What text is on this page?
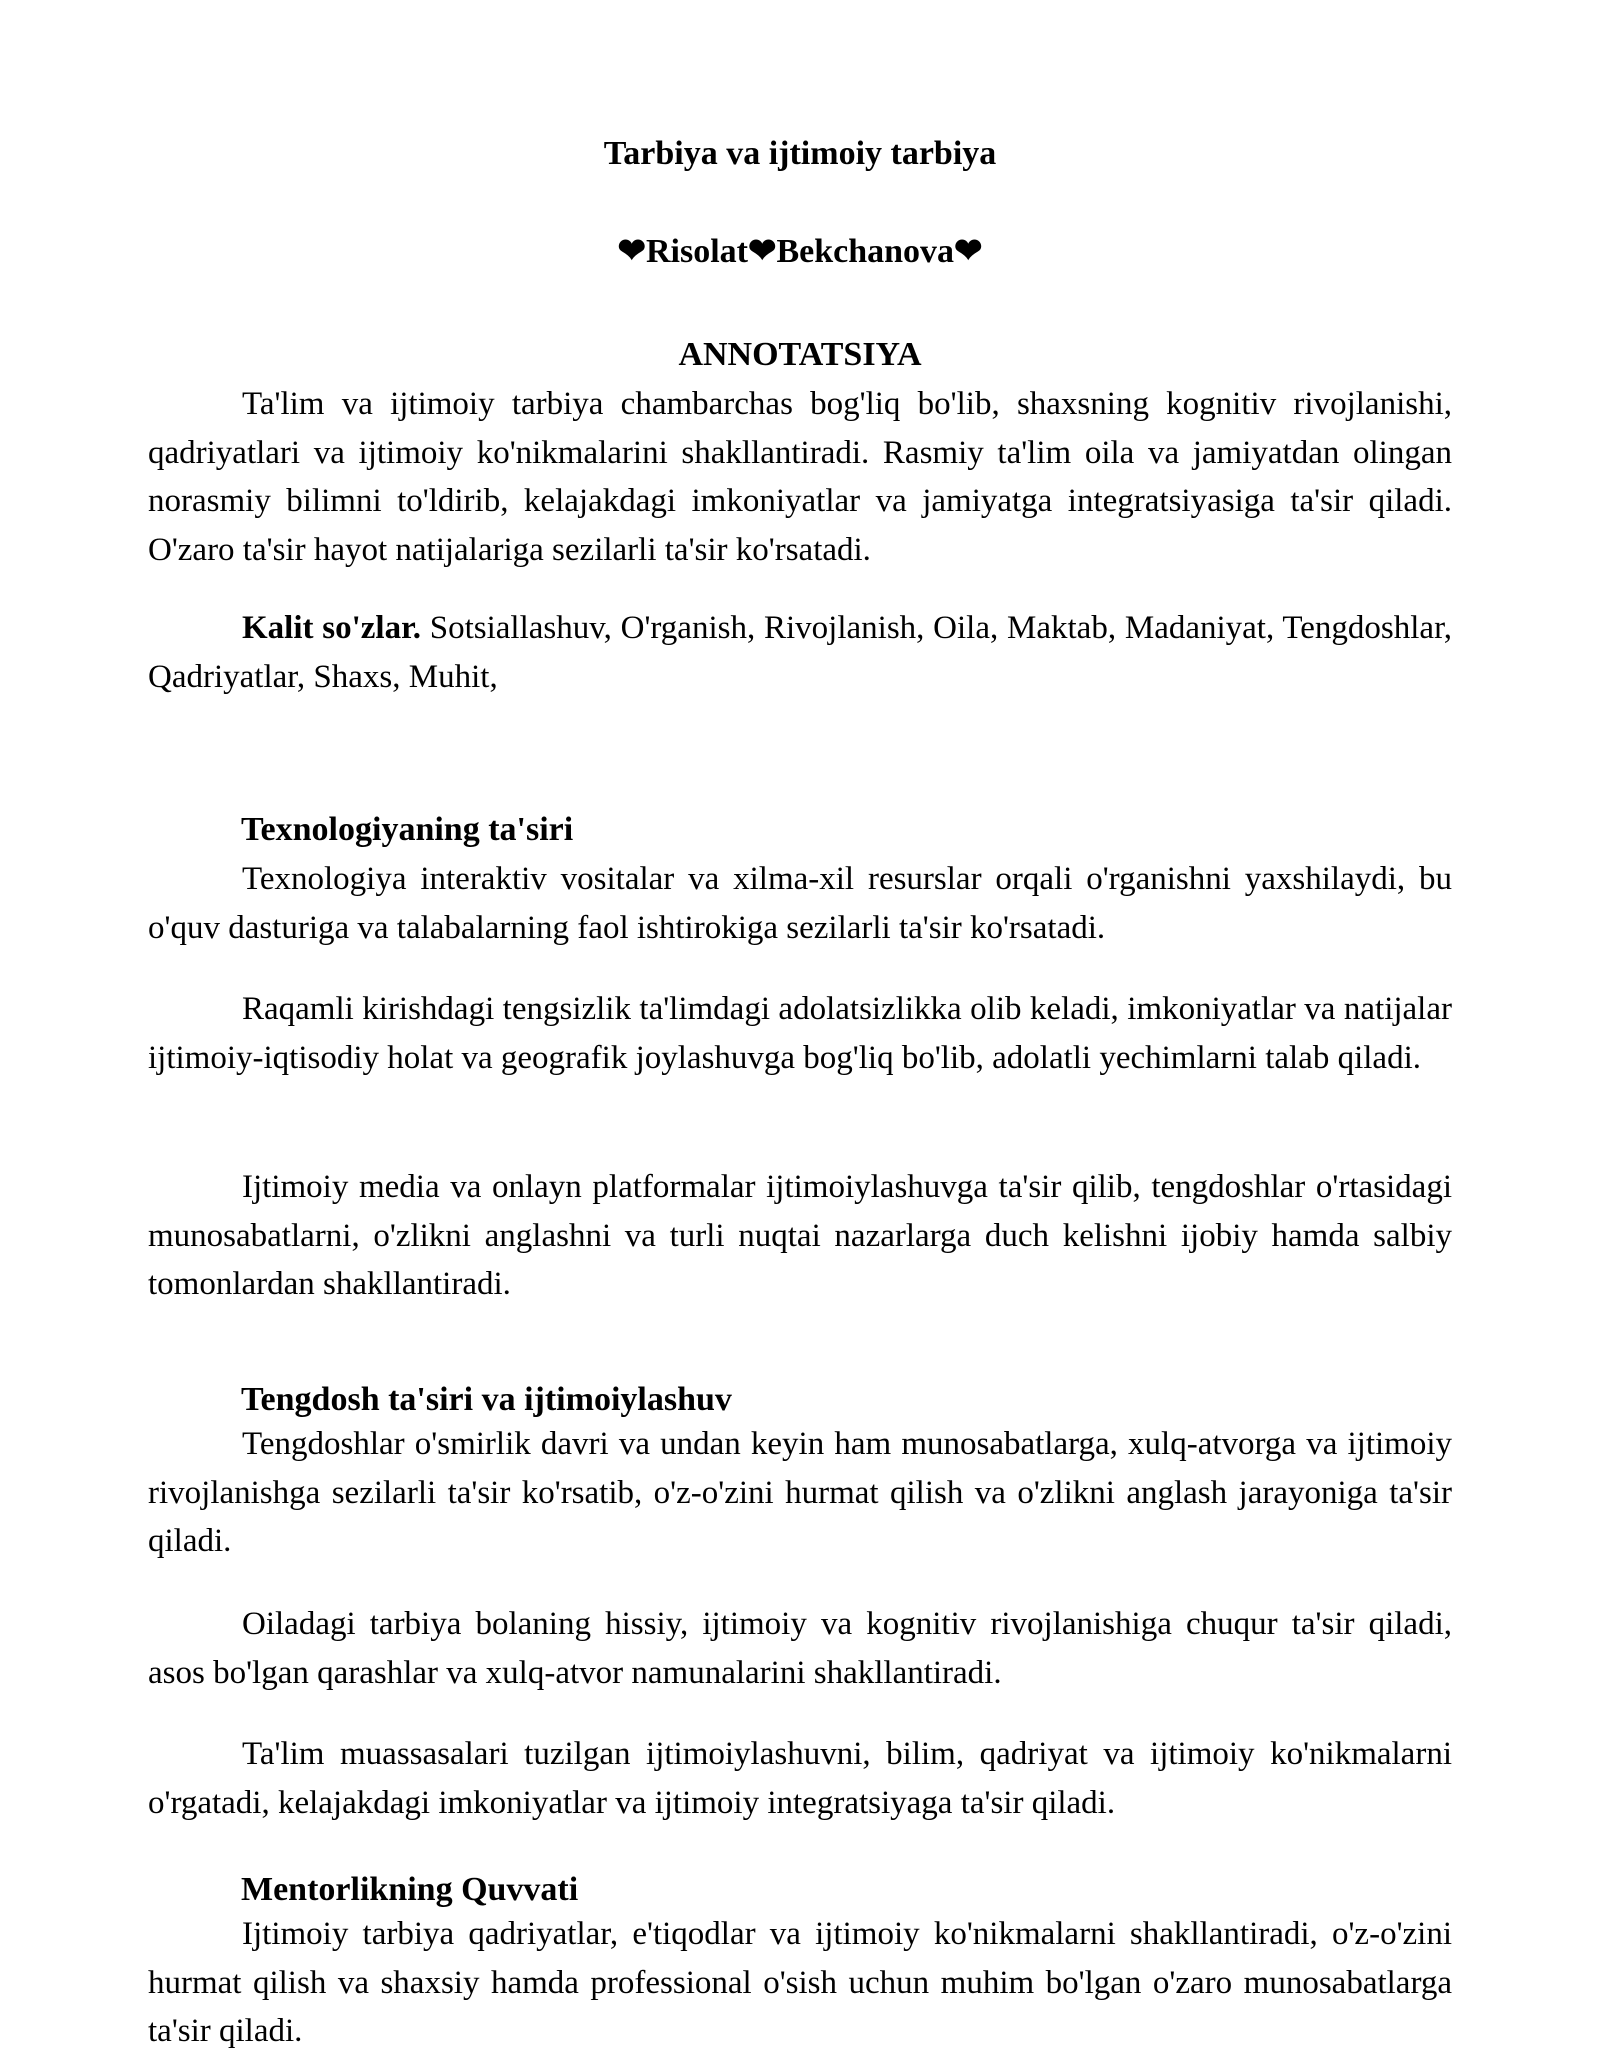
Tarbiya va ijtimoiy tarbiya
❤Risolat❤Bekchanova❤
ANNOTATSIYA

Ta'lim va ijtimoiy tarbiya chambarchas bog'liq bo'lib, shaxsning kognitiv rivojlanishi, qadriyatlari va ijtimoiy ko'nikmalarini shakllantiradi. Rasmiy ta'lim oila va jamiyatdan olingan norasmiy bilimni to'ldirib, kelajakdagi imkoniyatlar va jamiyatga integratsiyasiga ta'sir qiladi. O'zaro ta'sir hayot natijalariga sezilarli ta'sir ko'rsatadi.

Kalit so'zlar. Sotsiallashuv, O'rganish, Rivojlanish, Oila, Maktab, Madaniyat, Tengdoshlar, Qadriyatlar, Shaxs, Muhit,

Texnologiyaning ta'siri

Texnologiya interaktiv vositalar va xilma-xil resurslar orqali o'rganishni yaxshilaydi, bu o'quv dasturiga va talabalarning faol ishtirokiga sezilarli ta'sir ko'rsatadi.

Raqamli kirishdagi tengsizlik ta'limdagi adolatsizlikka olib keladi, imkoniyatlar va natijalar ijtimoiy-iqtisodiy holat va geografik joylashuvga bog'liq bo'lib, adolatli yechimlarni talab qiladi.

Ijtimoiy media va onlayn platformalar ijtimoiylashuvga ta'sir qilib, tengdoshlar o'rtasidagi munosabatlarni, o'zlikni anglashni va turli nuqtai nazarlarga duch kelishni ijobiy hamda salbiy tomonlardan shakllantiradi.

Tengdosh ta'siri va ijtimoiylashuv

Tengdoshlar o'smirlik davri va undan keyin ham munosabatlarga, xulq-atvorga va ijtimoiy rivojlanishga sezilarli ta'sir ko'rsatib, o'z-o'zini hurmat qilish va o'zlikni anglash jarayoniga ta'sir qiladi.

Oiladagi tarbiya bolaning hissiy, ijtimoiy va kognitiv rivojlanishiga chuqur ta'sir qiladi, asos bo'lgan qarashlar va xulq-atvor namunalarini shakllantiradi.

Ta'lim muassasalari tuzilgan ijtimoiylashuvni, bilim, qadriyat va ijtimoiy ko'nikmalarni o'rgatadi, kelajakdagi imkoniyatlar va ijtimoiy integratsiyaga ta'sir qiladi.

Mentorlikning Quvvati

Ijtimoiy tarbiya qadriyatlar, e'tiqodlar va ijtimoiy ko'nikmalarni shakllantiradi, o'z-o'zini hurmat qilish va shaxsiy hamda professional o'sish uchun muhim bo'lgan o'zaro munosabatlarga ta'sir qiladi.
